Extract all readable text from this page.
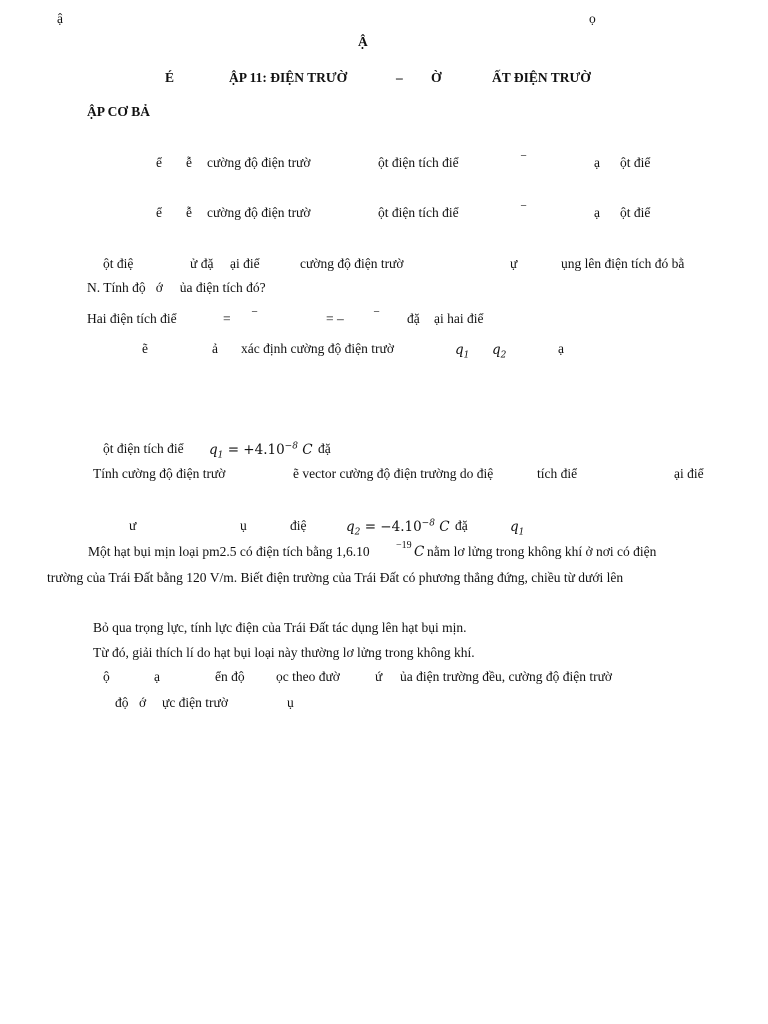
ậ	ọ
Ậ
É	ẬP 11: ĐIỆN TRƯỜ	– Ờ	ẤT ĐIỆN TRƯỜ
ẬP CƠ BẢ
ể ễ cường độ điện trườ	ột điện tích điể	⁻	ạ ột điể
ể ễ cường độ điện trườ	ột điện tích điể	⁻	ạ ột điể
ột điệ	ử đặ ại điể	cường độ điện trườ	ự	ụng lên điện tích đó bằ
N. Tính độ   ớ     ủa điện tích đó?
Hai điện tích điể	= ⁻	= – ⁻ đặ ại hai điể
ẽ	ả xác định cường độ điện trườ	$q_1$ $q_2$	ạ
ột điện tích điể $q_1 = +4.10^{-8}$ C đặ
Tính cường độ điện trườ	ẽ vector cường độ điện trường do điệ	tích điể	ại điể
ư	ụ	điệ	$q_2 = -4.10^{-8}$ C đặ	$q_1$
Một hạt bụi mịn loại pm2.5 có điện tích bằng 1,6.10	−19 C nằm lơ lửng trong không khí ở nơi có điện
trường của Trái Đất bằng 120 V/m. Biết điện trường của Trái Đất có phương thẳng đứng, chiều từ dưới lên
Bỏ qua trọng lực, tính lực điện của Trái Đất tác dụng lên hạt bụi mịn.
Từ đó, giải thích lí do hạt bụi loại này thường lơ lửng trong không khí.
ộ	ạ	ển độ ọc theo đườ	ứ ủa điện trường đều, cường độ điện trườ
độ ớ ực điện trườ	ụ
